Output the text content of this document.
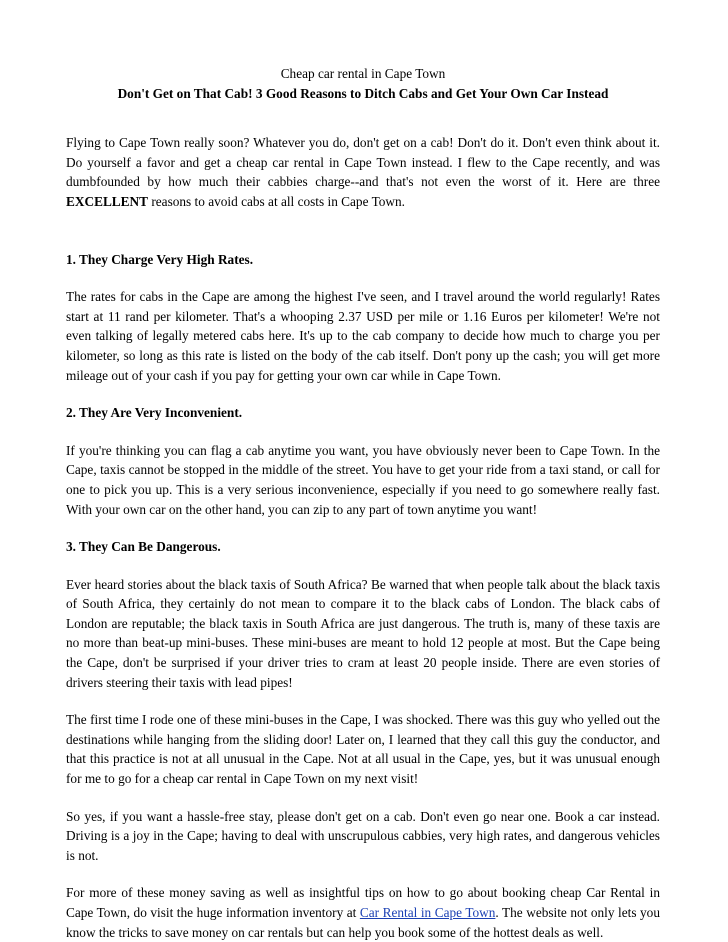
Cheap car rental in Cape Town

Don't Get on That Cab! 3 Good Reasons to Ditch Cabs and Get Your Own Car Instead

Flying to Cape Town really soon? Whatever you do, don't get on a cab! Don't do it. Don't even think about it. Do yourself a favor and get a cheap car rental in Cape Town instead. I flew to the Cape recently, and was dumbfounded by how much their cabbies charge--and that's not even the worst of it. Here are three EXCELLENT reasons to avoid cabs at all costs in Cape Town.

1. They Charge Very High Rates.

The rates for cabs in the Cape are among the highest I've seen, and I travel around the world regularly! Rates start at 11 rand per kilometer. That's a whooping 2.37 USD per mile or 1.16 Euros per kilometer! We're not even talking of legally metered cabs here. It's up to the cab company to decide how much to charge you per kilometer, so long as this rate is listed on the body of the cab itself. Don't pony up the cash; you will get more mileage out of your cash if you pay for getting your own car while in Cape Town.

2. They Are Very Inconvenient.

If you're thinking you can flag a cab anytime you want, you have obviously never been to Cape Town. In the Cape, taxis cannot be stopped in the middle of the street. You have to get your ride from a taxi stand, or call for one to pick you up. This is a very serious inconvenience, especially if you need to go somewhere really fast. With your own car on the other hand, you can zip to any part of town anytime you want!

3. They Can Be Dangerous.

Ever heard stories about the black taxis of South Africa? Be warned that when people talk about the black taxis of South Africa, they certainly do not mean to compare it to the black cabs of London. The black cabs of London are reputable; the black taxis in South Africa are just dangerous. The truth is, many of these taxis are no more than beat-up mini-buses. These mini-buses are meant to hold 12 people at most. But the Cape being the Cape, don't be surprised if your driver tries to cram at least 20 people inside. There are even stories of drivers steering their taxis with lead pipes!

The first time I rode one of these mini-buses in the Cape, I was shocked. There was this guy who yelled out the destinations while hanging from the sliding door! Later on, I learned that they call this guy the conductor, and that this practice is not at all unusual in the Cape. Not at all usual in the Cape, yes, but it was unusual enough for me to go for a cheap car rental in Cape Town on my next visit!

So yes, if you want a hassle-free stay, please don't get on a cab. Don't even go near one. Book a car instead. Driving is a joy in the Cape; having to deal with unscrupulous cabbies, very high rates, and dangerous vehicles is not.

For more of these money saving as well as insightful tips on how to go about booking cheap Car Rental in Cape Town, do visit the huge information inventory at Car Rental in Cape Town. The website not only lets you know the tricks to save money on car rentals but can help you book some of the hottest deals as well.
